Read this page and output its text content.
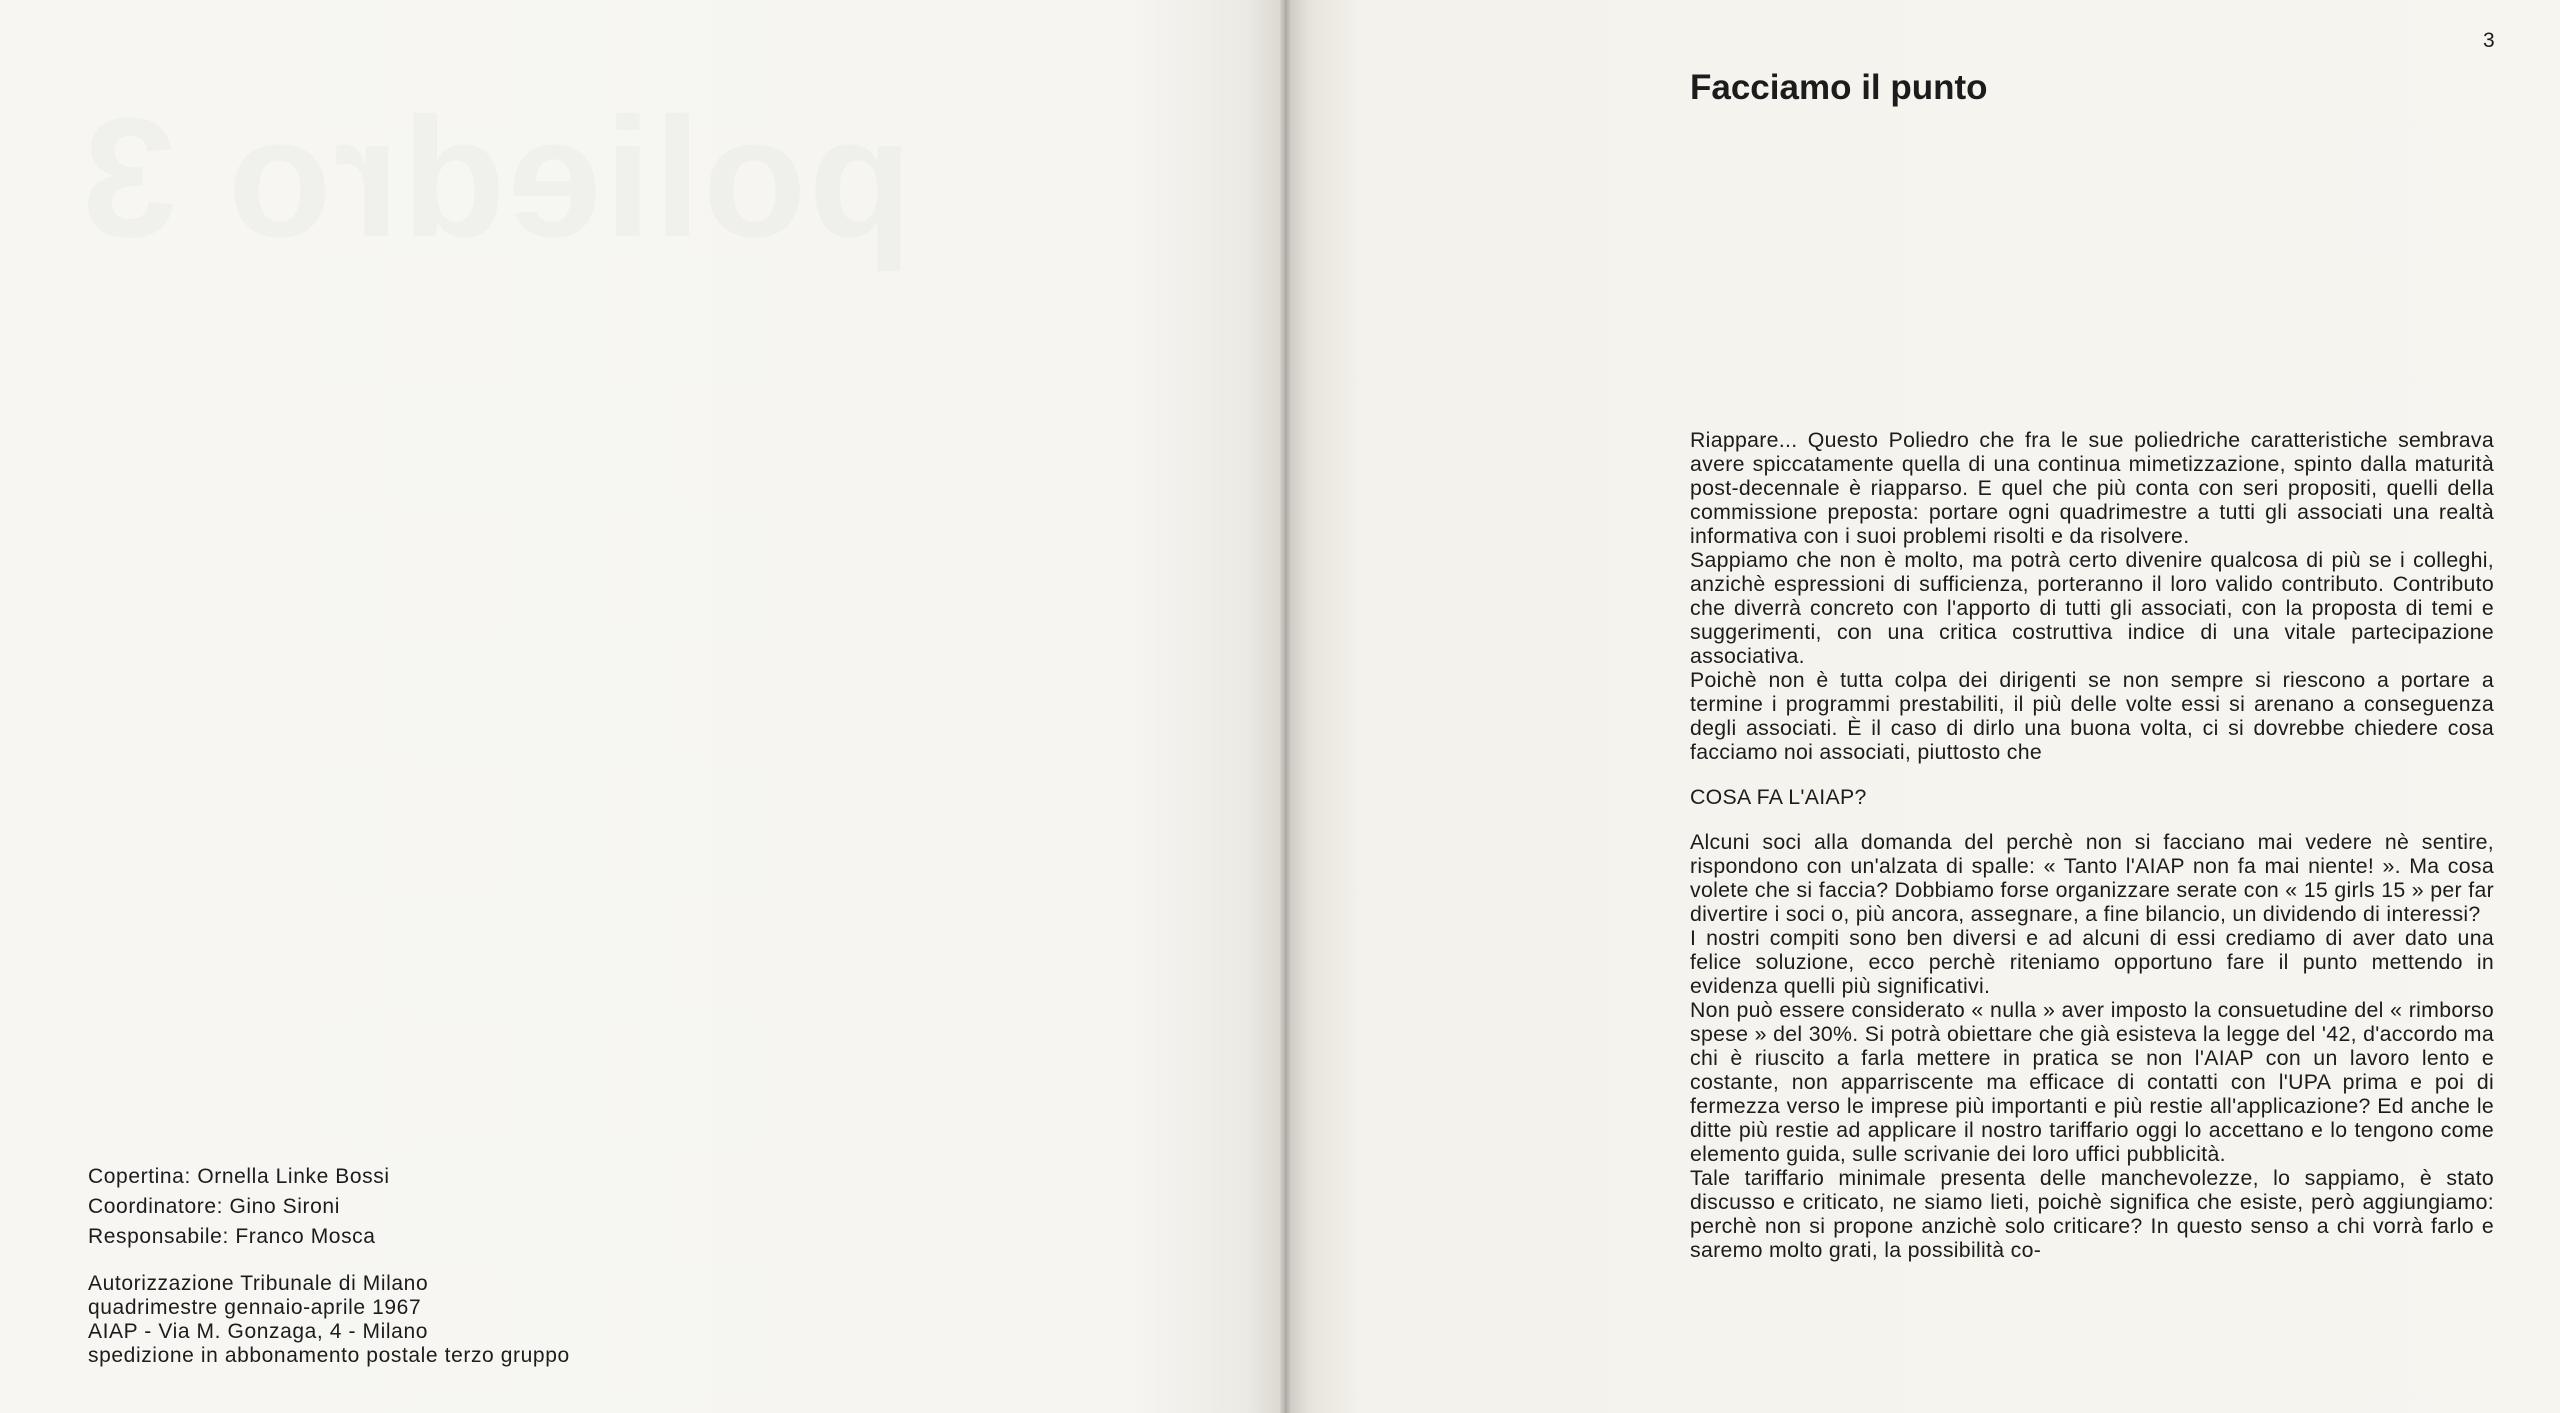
poliedro 3
Copertina: Ornella Linke Bossi
Coordinatore: Gino Sironi
Responsabile: Franco Mosca
Autorizzazione Tribunale di Milano
quadrimestre gennaio-aprile 1967
AIAP - Via M. Gonzaga, 4 - Milano
spedizione in abbonamento postale terzo gruppo
3
Facciamo il punto

Riappare... Questo Poliedro che fra le sue poliedriche caratteristiche sembrava avere spiccatamente quella di una continua mimetizzazione, spinto dalla maturità post-decennale è riapparso. E quel che più conta con seri propositi, quelli della commissione preposta: portare ogni quadrimestre a tutti gli associati una realtà informativa con i suoi problemi risolti e da risolvere.

Sappiamo che non è molto, ma potrà certo divenire qualcosa di più se i colleghi, anzichè espressioni di sufficienza, porteranno il loro valido contributo. Contributo che diverrà concreto con l'apporto di tutti gli associati, con la proposta di temi e suggerimenti, con una critica costruttiva indice di una vitale partecipazione associativa.

Poichè non è tutta colpa dei dirigenti se non sempre si riescono a portare a termine i programmi prestabiliti, il più delle volte essi si arenano a conseguenza degli associati. È il caso di dirlo una buona volta, ci si dovrebbe chiedere cosa facciamo noi associati, piuttosto che

COSA FA L'AIAP?

Alcuni soci alla domanda del perchè non si facciano mai vedere nè sentire, rispondono con un'alzata di spalle: « Tanto l'AIAP non fa mai niente! ». Ma cosa volete che si faccia? Dobbiamo forse organizzare serate con « 15 girls 15 » per far divertire i soci o, più ancora, assegnare, a fine bilancio, un dividendo di interessi?

I nostri compiti sono ben diversi e ad alcuni di essi crediamo di aver dato una felice soluzione, ecco perchè riteniamo opportuno fare il punto mettendo in evidenza quelli più significativi.

Non può essere considerato « nulla » aver imposto la consuetudine del « rimborso spese » del 30%. Si potrà obiettare che già esisteva la legge del '42, d'accordo ma chi è riuscito a farla mettere in pratica se non l'AIAP con un lavoro lento e costante, non apparriscente ma efficace di contatti con l'UPA prima e poi di fermezza verso le imprese più importanti e più restie all'applicazione? Ed anche le ditte più restie ad applicare il nostro tariffario oggi lo accettano e lo tengono come elemento guida, sulle scrivanie dei loro uffici pubblicità.

Tale tariffario minimale presenta delle manchevolezze, lo sappiamo, è stato discusso e criticato, ne siamo lieti, poichè significa che esiste, però aggiungiamo: perchè non si propone anzichè solo criticare? In questo senso a chi vorrà farlo e saremo molto grati, la possibilità co-
